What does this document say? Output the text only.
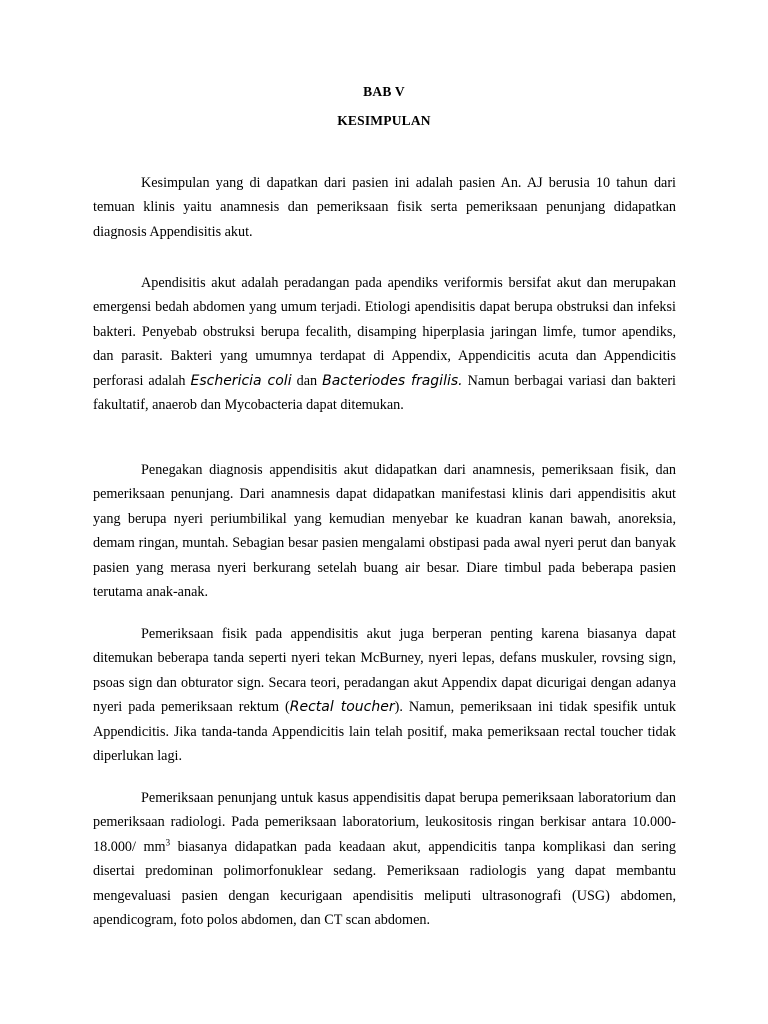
BAB V
KESIMPULAN

Kesimpulan yang di dapatkan dari pasien ini adalah pasien An. AJ berusia 10 tahun dari temuan klinis yaitu anamnesis dan pemeriksaan fisik serta pemeriksaan penunjang didapatkan diagnosis Appendisitis akut.

Apendisitis akut adalah peradangan pada apendiks veriformis bersifat akut dan merupakan emergensi bedah abdomen yang umum terjadi. Etiologi apendisitis dapat berupa obstruksi dan infeksi bakteri. Penyebab obstruksi berupa fecalith, disamping hiperplasia jaringan limfe, tumor apendiks, dan parasit. Bakteri yang umumnya terdapat di Appendix, Appendicitis acuta dan Appendicitis perforasi adalah Eschericia coli dan Bacteriodes fragilis. Namun berbagai variasi dan bakteri fakultatif, anaerob dan Mycobacteria dapat ditemukan.

Penegakan diagnosis appendisitis akut didapatkan dari anamnesis, pemeriksaan fisik, dan pemeriksaan penunjang. Dari anamnesis dapat didapatkan manifestasi klinis dari appendisitis akut yang berupa nyeri periumbilikal yang kemudian menyebar ke kuadran kanan bawah, anoreksia, demam ringan, muntah. Sebagian besar pasien mengalami obstipasi pada awal nyeri perut dan banyak pasien yang merasa nyeri berkurang setelah buang air besar. Diare timbul pada beberapa pasien terutama anak-anak.

Pemeriksaan fisik pada appendisitis akut juga berperan penting karena biasanya dapat ditemukan beberapa tanda seperti nyeri tekan McBurney, nyeri lepas, defans muskuler, rovsing sign, psoas sign dan obturator sign. Secara teori, peradangan akut Appendix dapat dicurigai dengan adanya nyeri pada pemeriksaan rektum (Rectal toucher). Namun, pemeriksaan ini tidak spesifik untuk Appendicitis. Jika tanda-tanda Appendicitis lain telah positif, maka pemeriksaan rectal toucher tidak diperlukan lagi.

Pemeriksaan penunjang untuk kasus appendisitis dapat berupa pemeriksaan laboratorium dan pemeriksaan radiologi. Pada pemeriksaan laboratorium, leukositosis ringan berkisar antara 10.000-18.000/ $mm^3$ biasanya didapatkan pada keadaan akut, appendicitis tanpa komplikasi dan sering disertai predominan polimorfonuklear sedang. Pemeriksaan radiologis yang dapat membantu mengevaluasi pasien dengan kecurigaan apendisitis meliputi ultrasonografi (USG) abdomen, apendicogram, foto polos abdomen, dan CT scan abdomen.
